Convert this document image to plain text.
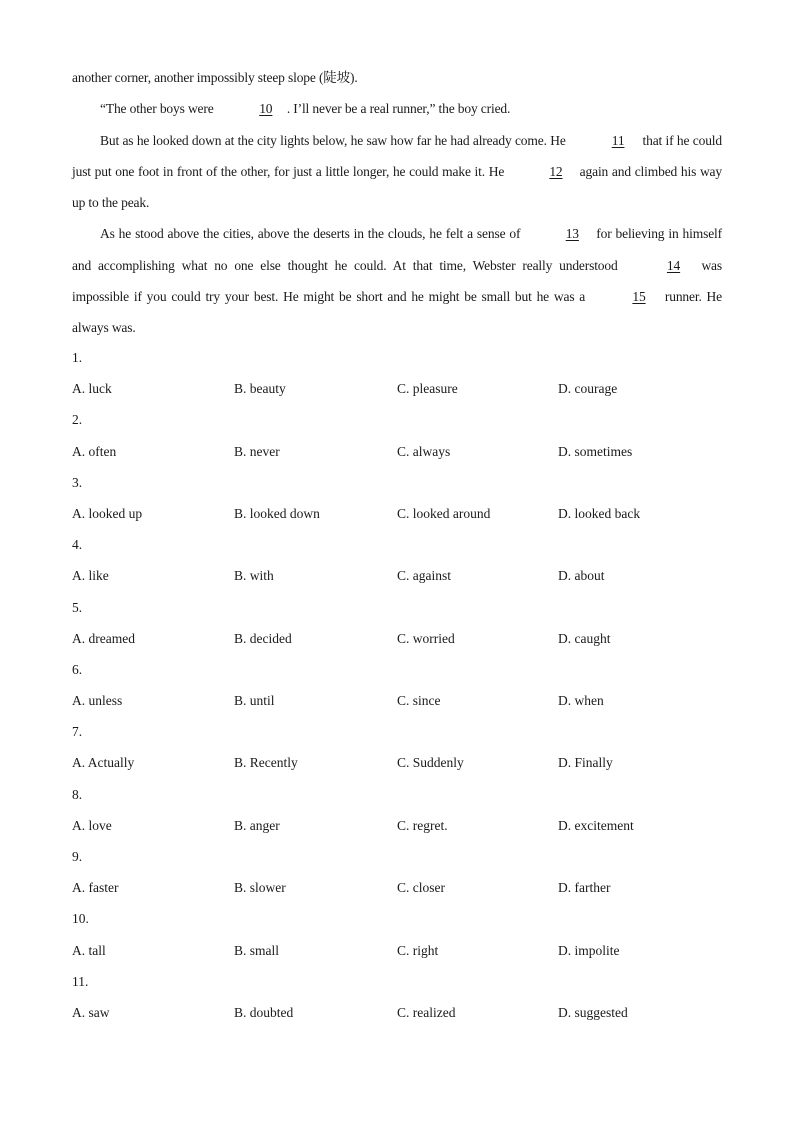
another corner, another impossibly steep slope (陡坡).

“The other boys were	10 . I’ll never be a real runner,” the boy cried.

But as he looked down at the city lights below, he saw how far he had already come. He	11 that if he could just put one foot in front of the other, for just a little longer, he could make it. He	12 again and climbed his way up to the peak.

As he stood above the cities, above the deserts in the clouds, he felt a sense of	13 for believing in himself and accomplishing what no one else thought he could. At that time, Webster really understood	14 was impossible if you could try your best. He might be short and he might be small but he was a	15 runner. He always was.

1.
A. luck	B. beauty	C. pleasure	D. courage
2.
A. often	B. never	C. always	D. sometimes
3.
A. looked up	B. looked down	C. looked around	D. looked back
4.
A. like	B. with	C. against	D. about
5.
A. dreamed	B. decided	C. worried	D. caught
6.
A. unless	B. until	C. since	D. when
7.
A. Actually	B. Recently	C. Suddenly	D. Finally
8.
A. love	B. anger	C. regret.	D. excitement
9.
A. faster	B. slower	C. closer	D. farther
10.
A. tall	B. small	C. right	D. impolite
11.
A. saw	B. doubted	C. realized	D. suggested
